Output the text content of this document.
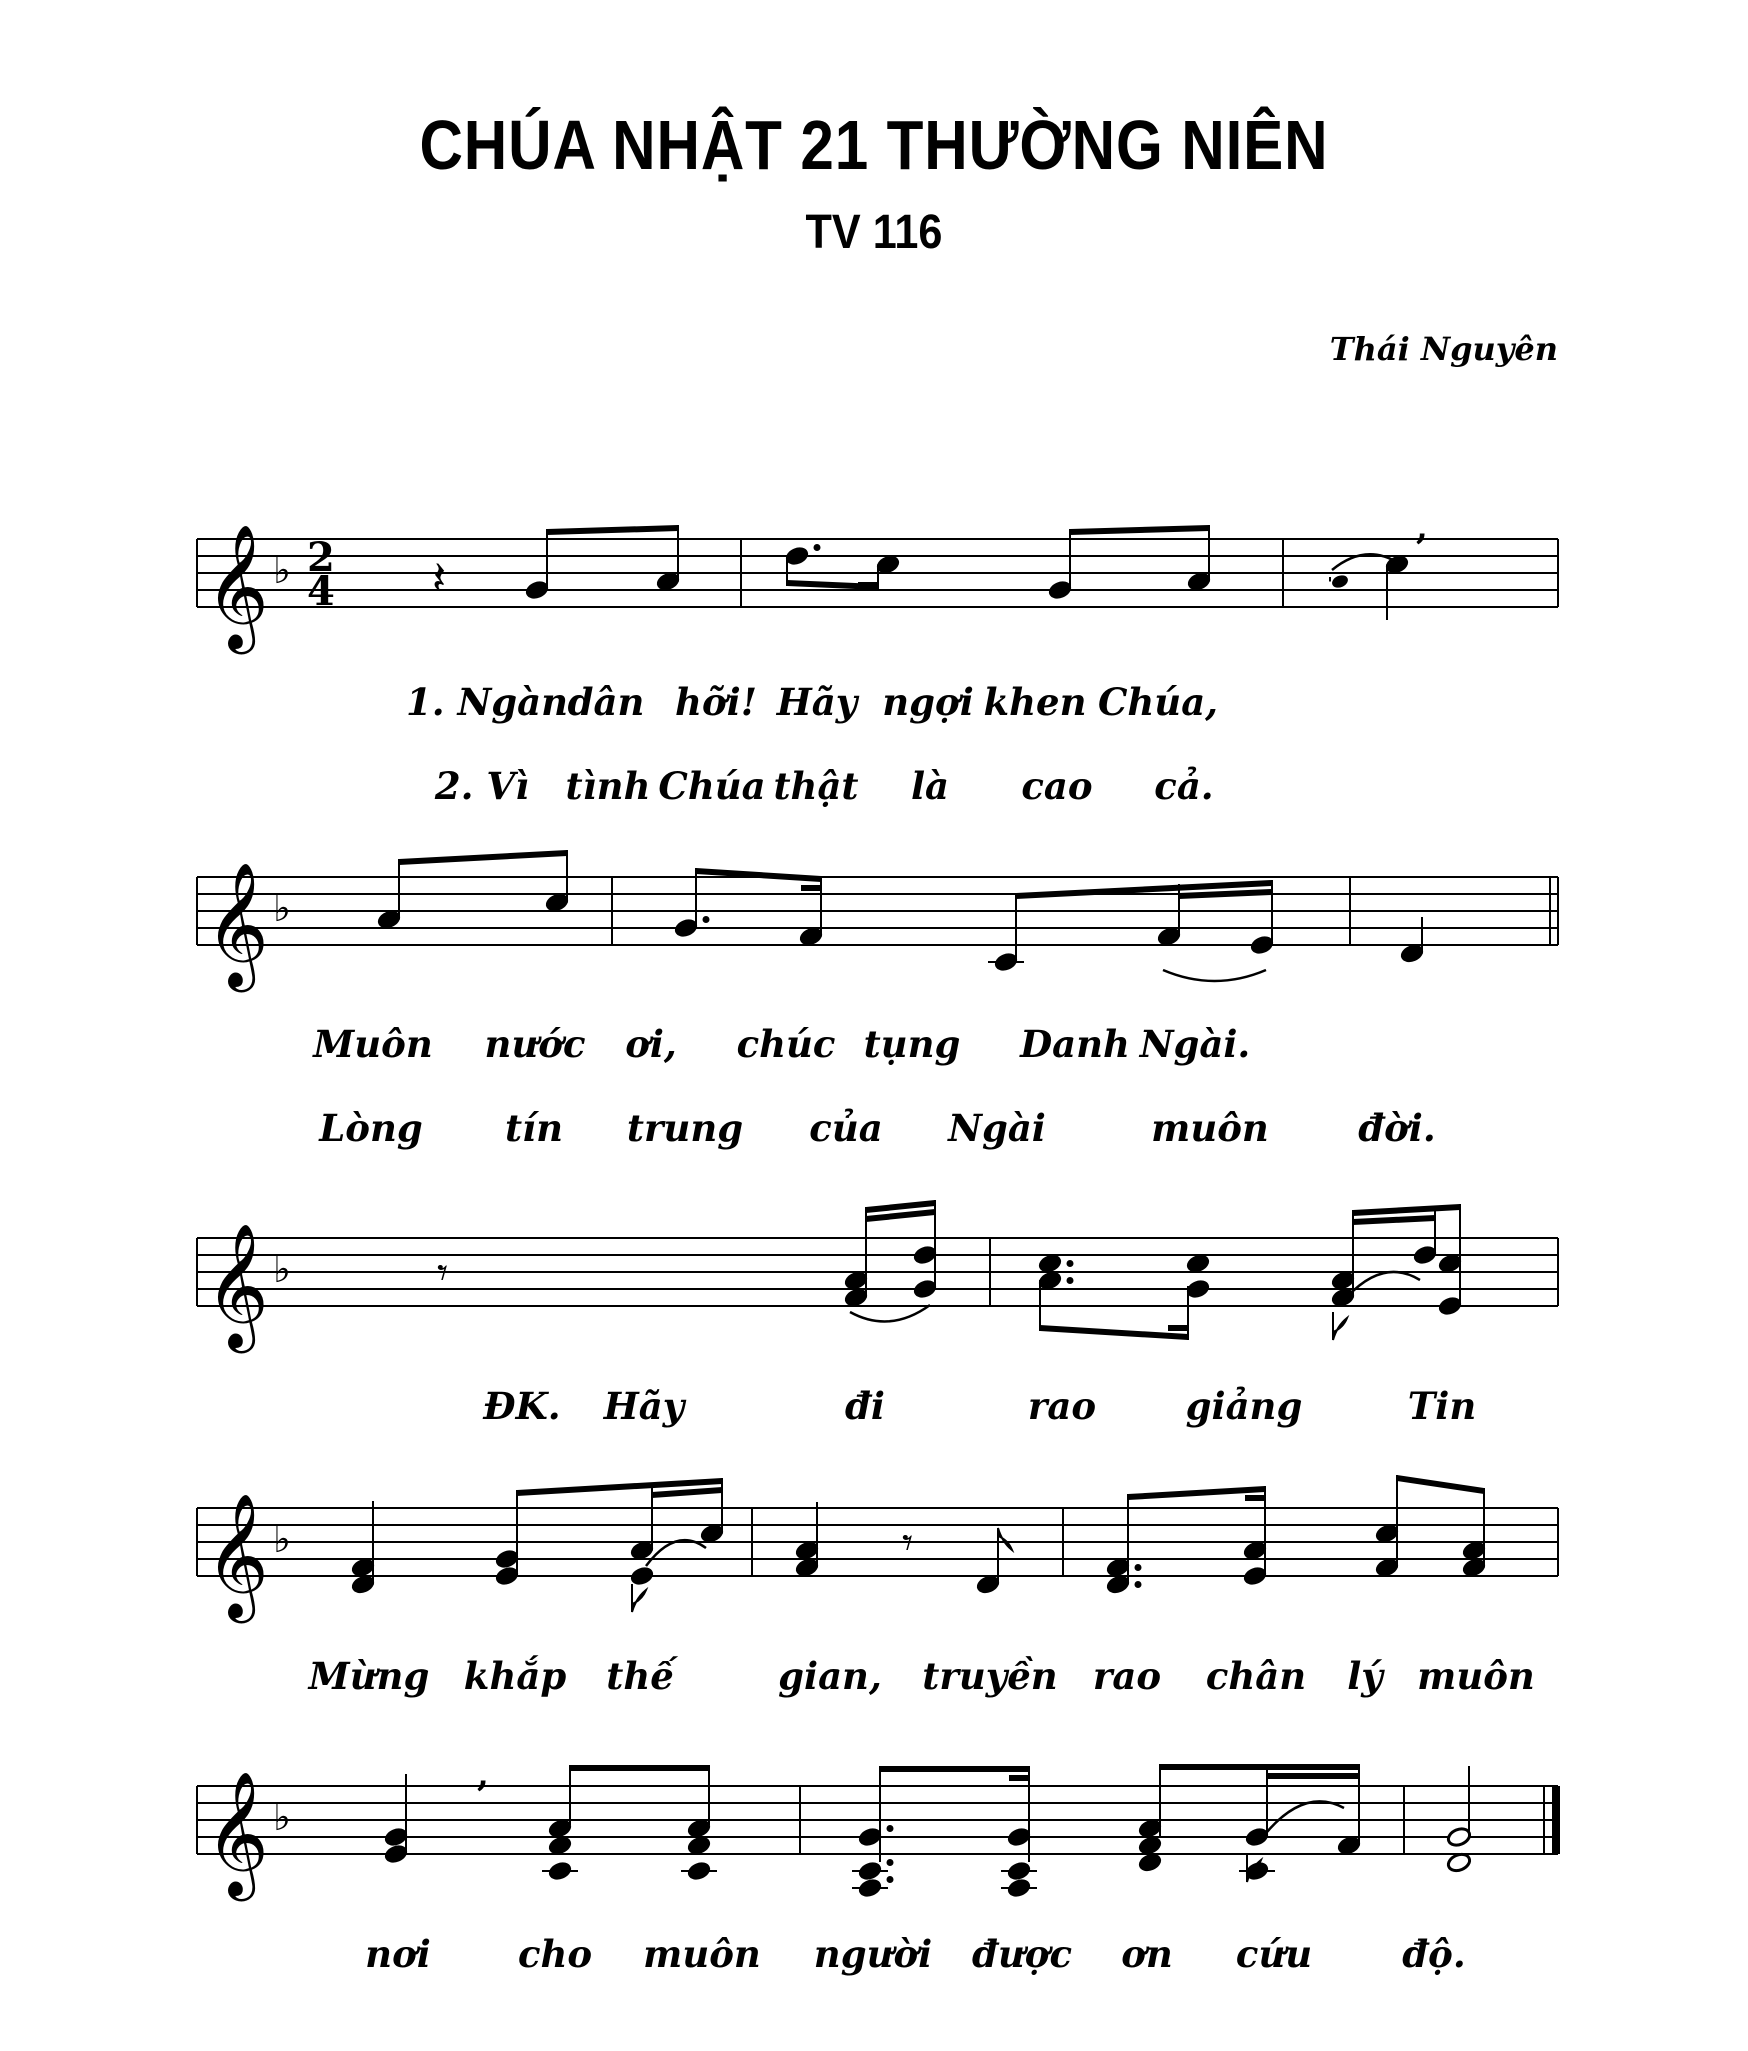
CHÚA NHẬT 21 THƯỜNG NIÊN
TV 116
Thái Nguyên
𝄞 ♭ 2
4 𝄽
,
𝄞 ♭
𝄞 ♭	𝄾
𝄞 ♭	𝄾
𝄞 ♭
,
1. Ngàn dân hỡi! Hãy ngợi khen Chúa,
2. Vì tình Chúa thật là cao cả.
Muôn nước ơi, chúc tụng Danh Ngài.
Lòng tín trung của Ngài	muôn đời.
ĐK. Hãy	đi	rao giảng	Tin
Mừng khắp thế	gian, truyền rao chân lý muôn
nơi cho muôn người được ơn cứu độ.
